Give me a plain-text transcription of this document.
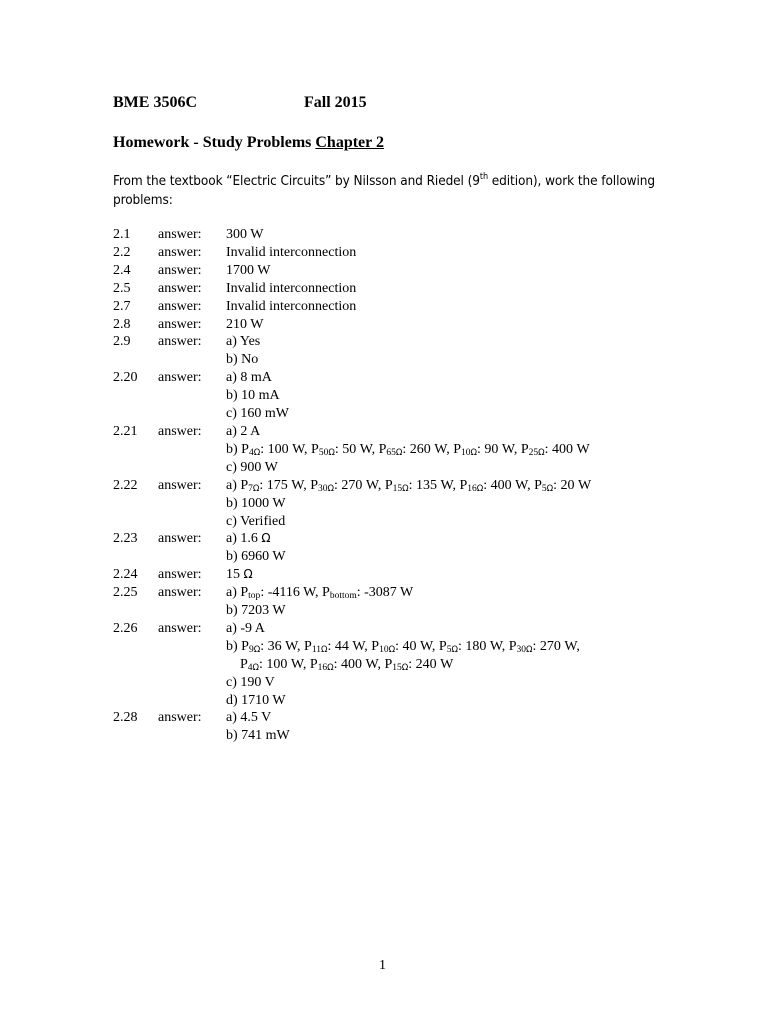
BME 3506C	Fall 2015
Homework - Study Problems Chapter 2
From the textbook “Electric Circuits” by Nilsson and Riedel (9th edition), work the following problems:
2.1	answer:	300 W
2.2	answer:	Invalid interconnection
2.4	answer:	1700 W
2.5	answer:	Invalid interconnection
2.7	answer:	Invalid interconnection
2.8	answer:	210 W
2.9	answer:	a) Yes
b) No
2.20	answer:	a) 8 mA
b) 10 mA
c) 160 mW
2.21	answer:	a) 2 A
b) $P_{4\Omega}$: 100 W, $P_{50\Omega}$: 50 W, $P_{65\Omega}$: 260 W, $P_{10\Omega}$: 90 W, $P_{25\Omega}$: 400 W
c) 900 W
2.22	answer:	a) $P_{7\Omega}$: 175 W, $P_{30\Omega}$: 270 W, $P_{15\Omega}$: 135 W, $P_{16\Omega}$: 400 W, $P_{5\Omega}$: 20 W
b) 1000 W
c) Verified
2.23	answer:	a) 1.6 Ω
b) 6960 W
2.24	answer:	15 Ω
2.25	answer:	a) $P_{top}$: -4116 W, $P_{bottom}$: -3087 W
b) 7203 W
2.26	answer:	a) -9 A
b) $P_{9\Omega}$: 36 W, $P_{11\Omega}$: 44 W, $P_{10\Omega}$: 40 W, $P_{5\Omega}$: 180 W, $P_{30\Omega}$: 270 W,
$P_{4\Omega}$: 100 W, $P_{16\Omega}$: 400 W, $P_{15\Omega}$: 240 W
c) 190 V
d) 1710 W
2.28	answer:	a) 4.5 V
b) 741 mW
1
